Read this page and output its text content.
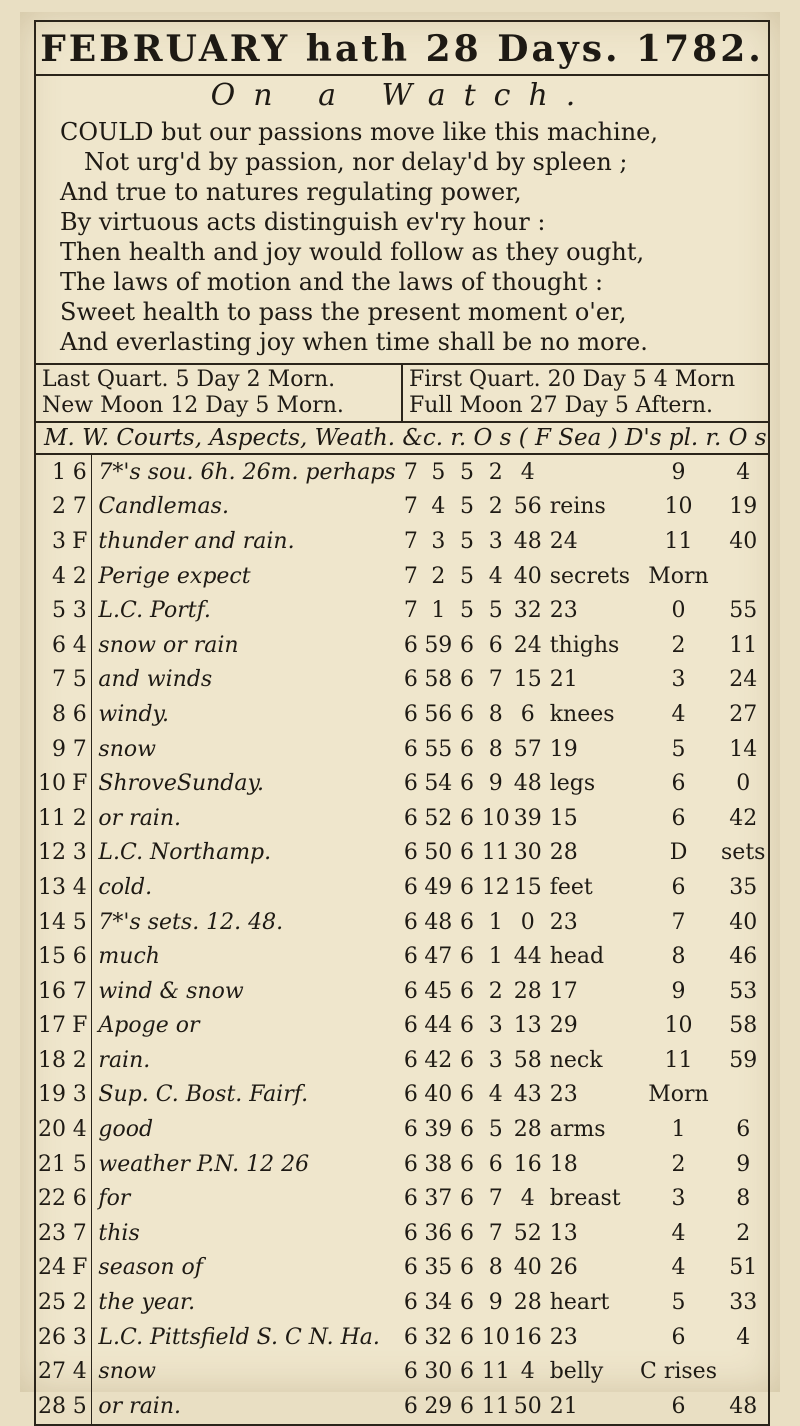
FEBRUARY hath 28 Days. 1782.
On a Watch.
COULD but our passions move like this machine,
Not urg'd by passion, nor delay'd by spleen ;
And true to natures regulating power,
By virtuous acts distinguish ev'ry hour :
Then health and joy would follow as they ought,
The laws of motion and the laws of thought :
Sweet health to pass the present moment o'er,
And everlasting joy when time shall be no more.
Last Quart. 5 Day 2 Morn.
New Moon 12 Day 5 Morn.
First Quart. 20 Day 5 4 Morn
Full Moon 27 Day 5 Aftern.
M. W. Courts, Aspects, Weath. &c. r. O s ( F Sea ) D's pl. r. O s
1	6	7*'s sou. 6h. 26m. perhaps	7	5	5	2	4		9	4
2	7	Candlemas.	7	4	5	2	56	reins	10	19
3	F	thunder and rain.	7	3	5	3	48	24	11	40
4	2	Perige expect	7	2	5	4	40	secrets	Morn	
5	3	L.C. Portf.	7	1	5	5	32	23	0	55
6	4	snow or rain	6	59	6	6	24	thighs	2	11
7	5	and winds	6	58	6	7	15	21	3	24
8	6	windy.	6	56	6	8	6	knees	4	27
9	7	snow	6	55	6	8	57	19	5	14
10	F	ShroveSunday.	6	54	6	9	48	legs	6	0
11	2	or rain.	6	52	6	10	39	15	6	42
12	3	L.C. Northamp.	6	50	6	11	30	28	D	sets
13	4	cold.	6	49	6	12	15	feet	6	35
14	5	7*'s sets. 12. 48.	6	48	6	1	0	23	7	40
15	6	much	6	47	6	1	44	head	8	46
16	7	wind & snow	6	45	6	2	28	17	9	53
17	F	Apoge or	6	44	6	3	13	29	10	58
18	2	rain.	6	42	6	3	58	neck	11	59
19	3	Sup. C. Bost. Fairf.	6	40	6	4	43	23	Morn	
20	4	good	6	39	6	5	28	arms	1	6
21	5	weather P.N. 12 26	6	38	6	6	16	18	2	9
22	6	for	6	37	6	7	4	breast	3	8
23	7	this	6	36	6	7	52	13	4	2
24	F	season of	6	35	6	8	40	26	4	51
25	2	the year.	6	34	6	9	28	heart	5	33
26	3	L.C. Pittsfield S. C N. Ha.	6	32	6	10	16	23	6	4
27	4	snow	6	30	6	11	4	belly	C rises	
28	5	or rain.	6	29	6	11	50	21	6	48
